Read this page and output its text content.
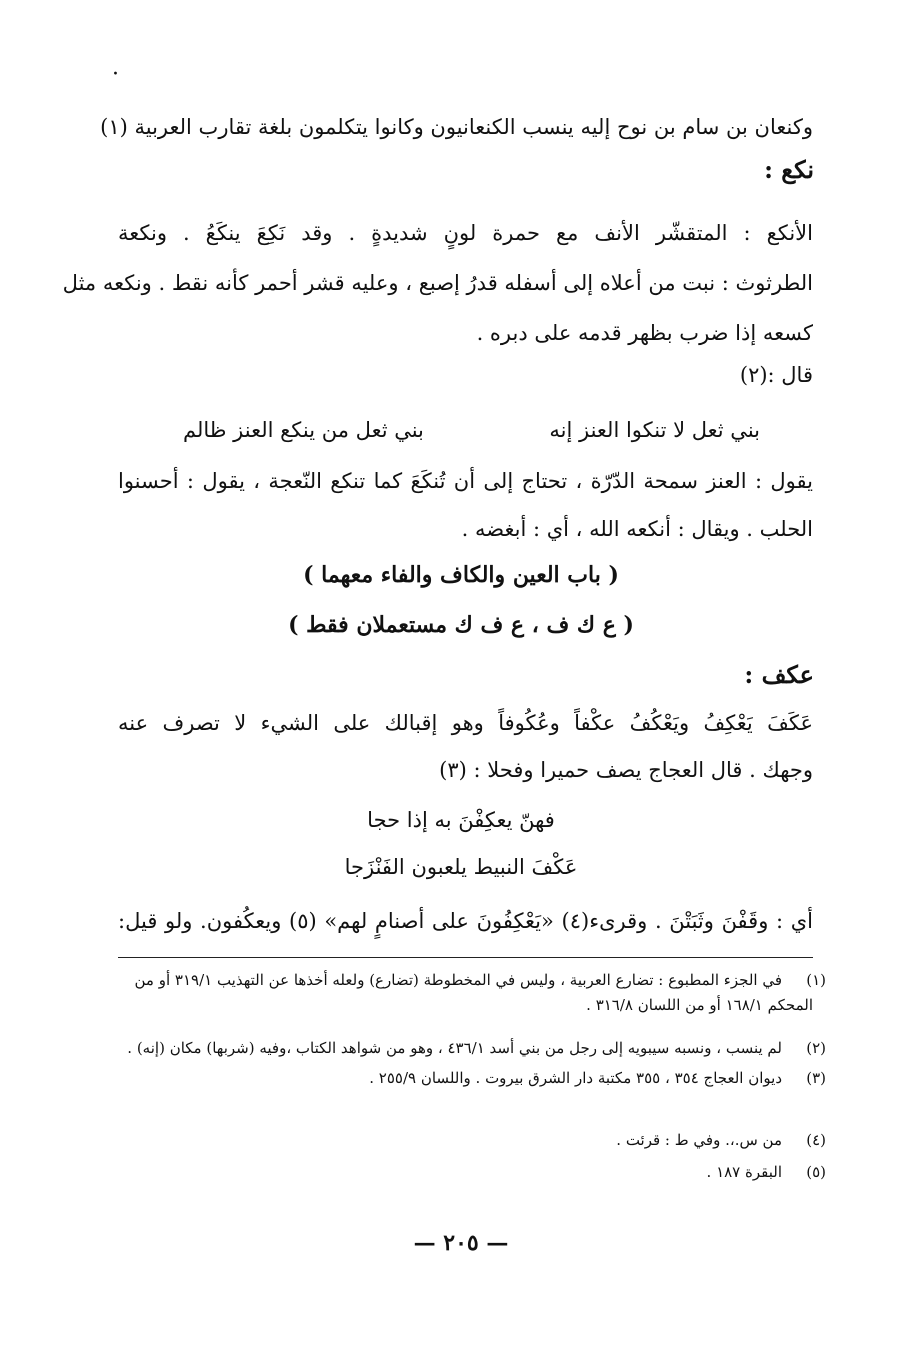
·
وكنعان بن سام بن نوح إليه ينسب الكنعانيون وكانوا يتكلمون بلغة تقارب العربية (١)
نكع :
الأنكع : المتقشّر الأنف مع حمرة لونٍ شديدةٍ . وقد نَكِعَ ينكَعُ . ونكعة
الطرثوث : نبت من أعلاه إلى أسفله قدرُ إصبع ، وعليه قشر أحمر كأنه نقط . ونكعه مثل
كسعه إذا ضرب بظهر قدمه على دبره .
قال :(٢)
بني ثعل لا تنكوا العنز إنه
بني ثعل من ينكع العنز ظالم
يقول : العنز سمحة الدّرّة ، تحتاج إلى أن تُنكَعَ كما تنكع النّعجة ، يقول : أحسنوا
الحلب . ويقال : أنكعه الله ، أي : أبغضه .
( باب العين والكاف والفاء معهما )
( ع ك ف ، ع ف ك مستعملان فقط )
عكف :
عَكَفَ يَعْكِفُ ويَعْكُفُ عكْفاً وعُكُوفاً وهو إقبالك على الشيء لا تصرف عنه
وجهك . قال العجاج يصف حميرا وفحلا : (٣)
فهنّ يعكِفْنَ به إذا حجا
عَكْفَ النبيط يلعبون الفَنْزَجا
أي : وقَفْنَ وثَبَتْنَ . وقرىء(٤) «يَعْكِفُونَ على أصنامٍ لهم» (٥) ويعكُفون. ولو قيل:
(١)في الجزء المطبوع : تضارع العربية ، وليس في المخطوطة (تضارع) ولعله أخذها عن التهذيب ٣١٩/١ أو من
المحكم ١٦٨/١ أو من اللسان ٣١٦/٨ .
(٢)لم ينسب ، ونسبه سيبويه إلى رجل من بني أسد ٤٣٦/١ ، وهو من شواهد الكتاب ،وفيه (شربها) مكان (إنه) .
(٣)ديوان العجاج ٣٥٤ ، ٣٥٥ مكتبة دار الشرق بيروت . واللسان ٢٥٥/٩ .
(٤)من س.،. وفي ط : قرئت .
(٥)البقرة ١٨٧ .
— ٢٠٥ —
